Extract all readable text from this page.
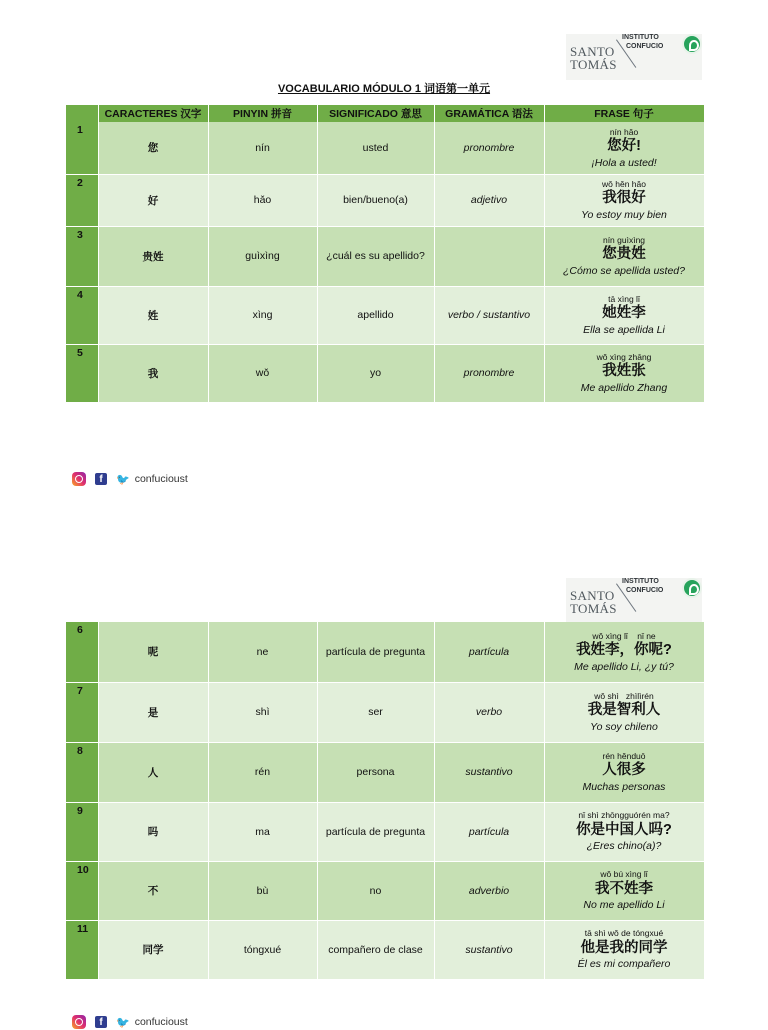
SANTO
TOMÁS
INSTITUTO
CONFUCIO
VOCABULARIO MÓDULO 1 词语第一单元
	CARACTERES 汉字	PINYIN 拼音	SIGNIFICADO 意思	GRAMÁTICA 语法	FRASE 句子
1	您	nín	usted	pronombre	nín hǎo
您好!
¡Hola a usted!

2	好	hǎo	bien/bueno(a)	adjetivo	wǒ hěn hǎo
我很好
Yo estoy muy bien

3	贵姓	guìxìng	¿cuál es su apellido?		nín guìxìng
您贵姓
¿Cómo se apellida usted?

4	姓	xìng	apellido	verbo / sustantivo	tā xìng lǐ
她姓李
Ella se apellida Li

5	我	wǒ	yo	pronombre	wǒ xìng zhāng
我姓张
Me apellido Zhang
f	🐦 confucioust
SANTO
TOMÁS
INSTITUTO
CONFUCIO
6	呢	ne	partícula de pregunta	partícula	wǒ xìng lǐ    nǐ ne
我姓李，你呢?
Me apellido Li, ¿y tú?

7	是	shì	ser	verbo	wǒ shì   zhìlìrén
我是智利人
Yo soy chileno

8	人	rén	persona	sustantivo	rén hěnduō
人很多
Muchas personas

9	吗	ma	partícula de pregunta	partícula	nǐ shì zhōngguórén ma?
你是中国人吗?
¿Eres chino(a)?

10	不	bù	no	adverbio	wǒ bú xìng lǐ
我不姓李
No me apellido Li

11	同学	tóngxué	compañero de clase	sustantivo	tā shì wǒ de tóngxué
他是我的同学
Él es mi compañero
f	🐦 confucioust
